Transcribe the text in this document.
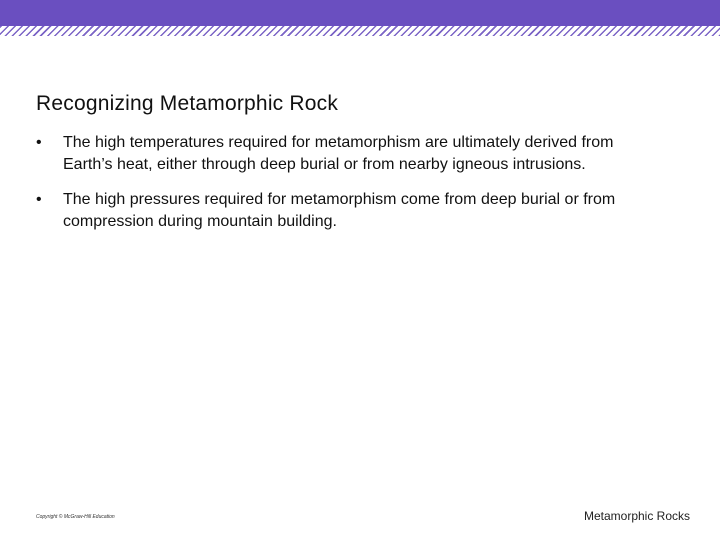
Recognizing Metamorphic Rock
•	The high temperatures required for metamorphism are ultimately derived from Earth’s heat, either through deep burial or from nearby igneous intrusions.
•	The high pressures required for metamorphism come from deep burial or from compression during mountain building.
Copyright © McGraw-Hill Education	Metamorphic Rocks
